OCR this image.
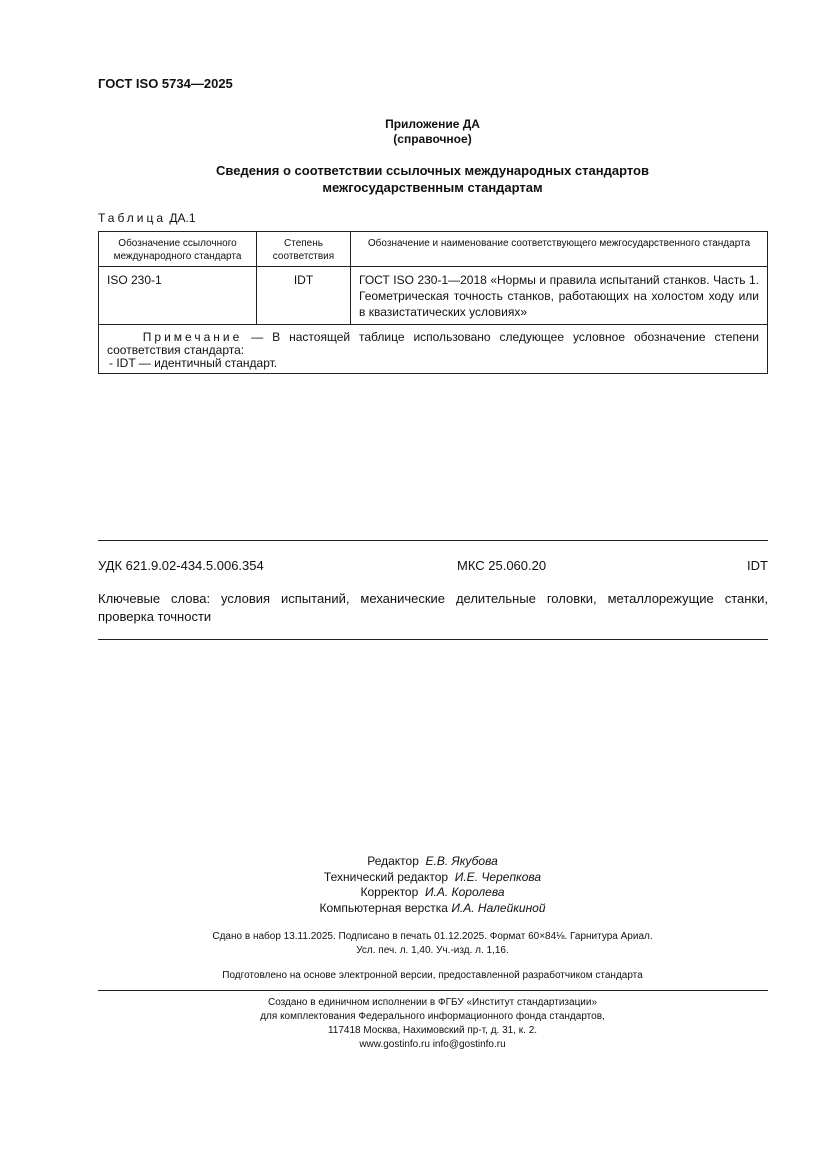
ГОСТ ISO 5734—2025
Приложение ДА
(справочное)
Сведения о соответствии ссылочных международных стандартов
межгосударственным стандартам
Таблица ДА.1
Обозначение ссылочного международного стандарта	Степень соответствия	Обозначение и наименование соответствующего межгосударственного стандарта
ISO 230-1	IDT	ГОСТ ISO 230-1—2018 «Нормы и правила испытаний станков. Часть 1. Геометрическая точность станков, работающих на холостом ходу или в квазистатических условиях»

Примечание — В настоящей таблице использовано следующее условное обозначение степени соответствия стандарта:
- IDT — идентичный стандарт.		
УДК 621.9.02-434.5.006.354	МКС 25.060.20	IDT
Ключевые слова: условия испытаний, механические делительные головки, металлорежущие станки, проверка точности
Редактор Е.В. Якубова
Технический редактор И.Е. Черепкова
Корректор И.А. Королева
Компьютерная верстка И.А. Налейкиной
Сдано в набор 13.11.2025. Подписано в печать 01.12.2025. Формат 60×84⅛. Гарнитура Ариал.
Усл. печ. л. 1,40. Уч.-изд. л. 1,16.
Подготовлено на основе электронной версии, предоставленной разработчиком стандарта
Создано в единичном исполнении в ФГБУ «Институт стандартизации»
для комплектования Федерального информационного фонда стандартов,
117418 Москва, Нахимовский пр-т, д. 31, к. 2.
www.gostinfo.ru info@gostinfo.ru
